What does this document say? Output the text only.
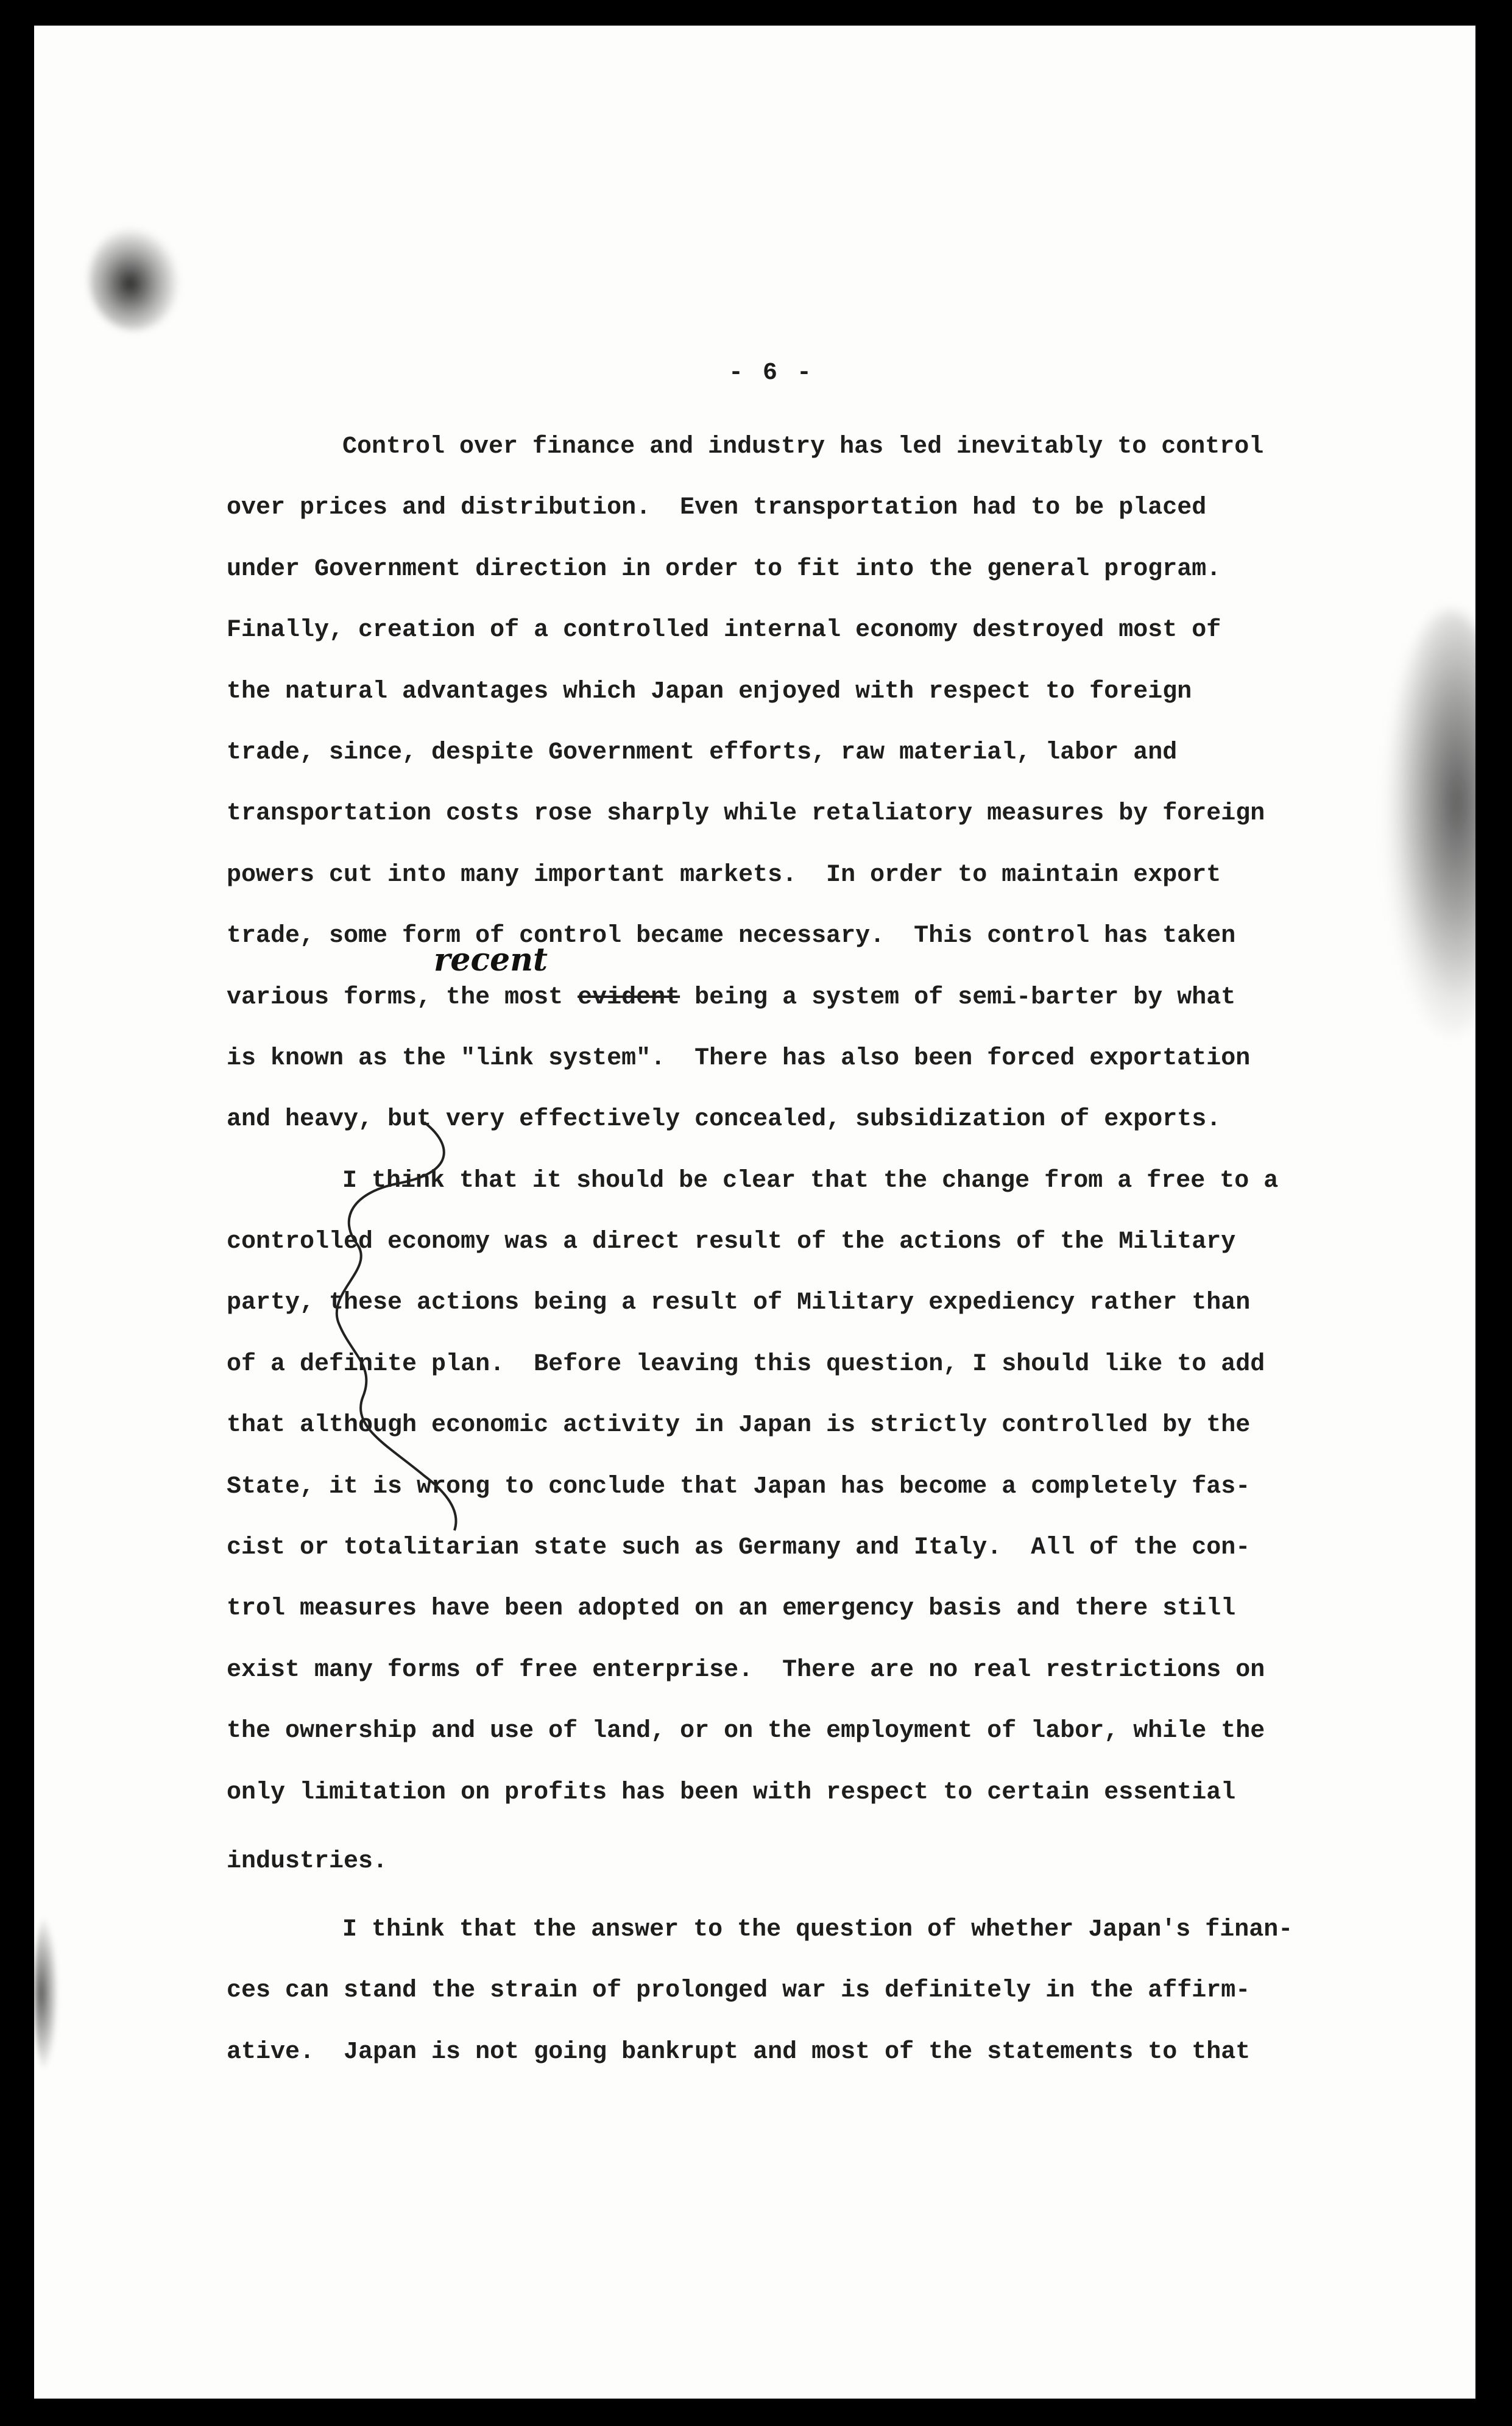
- 6 -
Control over finance and industry has led inevitably to control
over prices and distribution.  Even transportation had to be placed
under Government direction in order to fit into the general program.
Finally, creation of a controlled internal economy destroyed most of
the natural advantages which Japan enjoyed with respect to foreign
trade, since, despite Government efforts, raw material, labor and
transportation costs rose sharply while retaliatory measures by foreign
powers cut into many important markets.  In order to maintain export
trade, some form of control became necessary.  This control has taken
various forms, the most evident being a system of semi-barter by what
recent
is known as the "link system".  There has also been forced exportation
and heavy, but very effectively concealed, subsidization of exports.
I think that it should be clear that the change from a free to a
controlled economy was a direct result of the actions of the Military
party, these actions being a result of Military expediency rather than
of a definite plan.  Before leaving this question, I should like to add
that although economic activity in Japan is strictly controlled by the
State, it is wrong to conclude that Japan has become a completely fas-
cist or totalitarian state such as Germany and Italy.  All of the con-
trol measures have been adopted on an emergency basis and there still
exist many forms of free enterprise.  There are no real restrictions on
the ownership and use of land, or on the employment of labor, while the
only limitation on profits has been with respect to certain essential
industries.
I think that the answer to the question of whether Japan's finan-
ces can stand the strain of prolonged war is definitely in the affirm-
ative.  Japan is not going bankrupt and most of the statements to that
